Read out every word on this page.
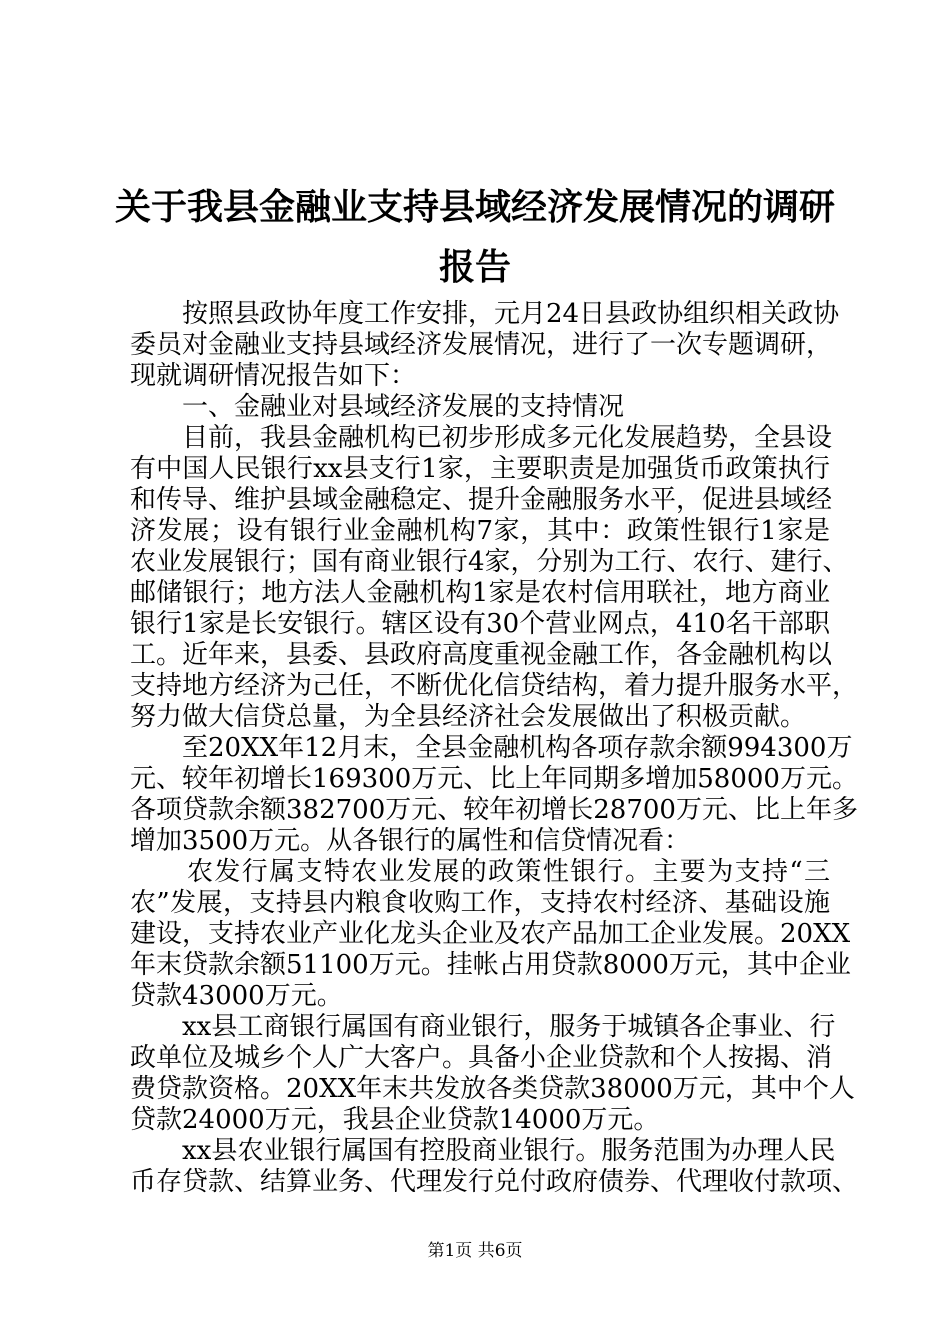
关于我县金融业支持县域经济发展情况的调研
报告
按照县政协年度工作安排，元月24日县政协组织相关政协
委员对金融业支持县域经济发展情况，进行了一次专题调研，
现就调研情况报告如下：
一、金融业对县域经济发展的支持情况
目前，我县金融机构已初步形成多元化发展趋势，全县设
有中国人民银行xx县支行1家，主要职责是加强货币政策执行
和传导、维护县域金融稳定、提升金融服务水平，促进县域经
济发展；设有银行业金融机构7家，其中：政策性银行1家是
农业发展银行；国有商业银行4家，分别为工行、农行、建行、
邮储银行；地方法人金融机构1家是农村信用联社，地方商业
银行1家是长安银行。辖区设有30个营业网点，410名干部职
工。近年来，县委、县政府高度重视金融工作，各金融机构以
支持地方经济为己任，不断优化信贷结构，着力提升服务水平，
努力做大信贷总量，为全县经济社会发展做出了积极贡献。
至20XX年12月末，全县金融机构各项存款余额994300万
元、较年初增长169300万元、比上年同期多增加58000万元。
各项贷款余额382700万元、较年初增长28700万元、比上年多
增加3500万元。从各银行的属性和信贷情况看：
农发行属支特农业发展的政策性银行。主要为支持“三
农”发展，支持县内粮食收购工作，支持农村经济、基础设施
建设，支持农业产业化龙头企业及农产品加工企业发展。20XX
年末贷款余额51100万元。挂帐占用贷款8000万元，其中企业
贷款43000万元。
xx县工商银行属国有商业银行，服务于城镇各企事业、行
政单位及城乡个人广大客户。具备小企业贷款和个人按揭、消
费贷款资格。20XX年末共发放各类贷款38000万元，其中个人
贷款24000万元，我县企业贷款14000万元。
xx县农业银行属国有控股商业银行。服务范围为办理人民
币存贷款、结算业务、代理发行兑付政府债券、代理收付款项、
第1页 共6页
